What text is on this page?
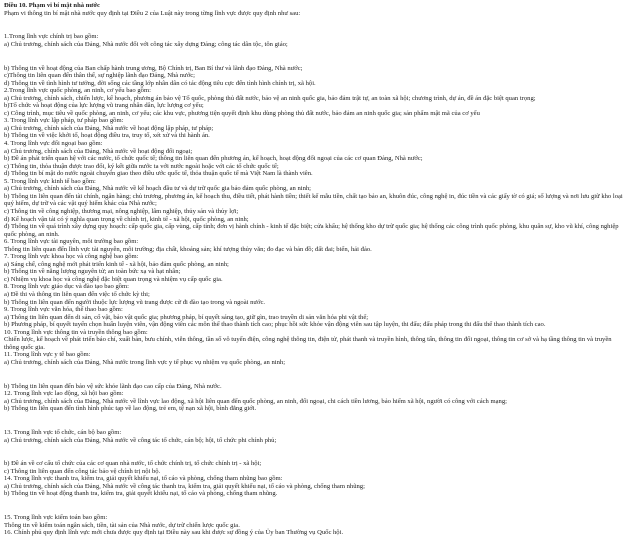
Điều 10. Phạm vi bí mật nhà nước

Phạm vi thông tin bí mật nhà nước quy định tại Điều 2 của Luật này trong từng lĩnh vực được quy định như sau:

1.Trong lĩnh vực chính trị bao gồm:

a) Chủ trương, chính sách của Đảng, Nhà nước đối với công tác xây dựng Đảng; công tác dân tộc, tôn giáo;

b) Thông tin về hoạt động của Ban chấp hành trung ương, Bộ Chính trị, Ban Bí thư và lãnh đạo Đảng, Nhà nước;

c)Thông tin liên quan đến thân thế, sự nghiệp lãnh đạo Đảng, Nhà nước;

d) Thông tin về tình hình tư tưởng, đời sống các tầng lớp nhân dân có tác động tiêu cực đến tình hình chính trị, xã hội.

2.Trong lĩnh vực quốc phòng, an ninh, cơ yếu bao gồm:

a) Chủ trương, chính sách, chiến lược, kế hoạch, phương án bảo vệ Tổ quốc, phòng thủ đất nước, bảo vệ an ninh quốc gia, bảo đảm trật tự, an toàn xã hội; chương trình, dự án, đề án đặc biệt quan trọng;

b)Tổ chức và hoạt động của lực lượng vũ trang nhân dân, lực lượng cơ yếu;

c) Công trình, mục tiêu về quốc phòng, an ninh, cơ yếu; các khu vực, phương tiện quyết định khu dùng phòng thủ đất nước, bảo đảm an ninh quốc gia; sản phẩm mật mã của cơ yếu

3. Trong lĩnh vực lập pháp, tư pháp bao gồm:

a) Chủ trương, chính sách của Đảng, Nhà nước về hoạt động lập pháp, tư pháp;

b) Thông tin về việc khởi tố, hoạt động điều tra, truy tố, xét xử và thi hành án.

4. Trong lĩnh vực đối ngoại bao gồm:

a) Chủ trương, chính sách của Đảng, Nhà nước về hoạt động đối ngoại;

b) Đề án phát triển quan hệ với các nước, tổ chức quốc tế; thông tin liên quan đến phương án, kế hoạch, hoạt động đối ngoại của các cơ quan Đảng, Nhà nước;

c) Thông tin, thỏa thuận được trao đổi, ký kết giữa nước ta với nước ngoài hoặc với các tổ chức quốc tế;

d) Thông tin bí mật do nước ngoài chuyển giao theo điều ước quốc tế, thỏa thuận quốc tế mà Việt Nam là thành viên.

5. Trong lĩnh vực kinh tế bao gồm:

a) Chủ trương, chính sách của Đảng, Nhà nước về kế hoạch đầu tư và dự trữ quốc gia bảo đảm quốc phòng, an ninh;

b) Thông tin liên quan đến tài chính, ngân hàng; chủ trương, phương án, kế hoạch thu, điều tiết, phát hành tiền; thiết kế mẫu tiền, chất tạo bảo an, khuôn đúc, công nghệ in, đúc tiền và các giấy tờ có giá; số lượng và nơi lưu giữ kho loại quý hiếm, dự trữ và các vật quý hiếm khác của Nhà nước;

c) Thông tin về công nghiệp, thương mại, nông nghiệp, lâm nghiệp, thủy sản và thủy lợi;

d) Kế hoạch vận tải có ý nghĩa quan trọng về chính trị, kinh tế - xã hội, quốc phòng, an ninh;

đ) Thông tin về quá trình xây dựng quy hoạch: cấp quốc gia, cấp vùng, cấp tỉnh; đơn vị hành chính - kinh tế đặc biệt; cửa khẩu; hệ thống kho dự trữ quốc gia; hệ thống các công trình quốc phòng, khu quân sự, kho vũ khí, công nghiệp quốc phòng, an ninh.

6. Trong lĩnh vực tài nguyên, môi trường bao gồm:

Thông tin liên quan đến lĩnh vực tài nguyên, môi trường; địa chất, khoáng sản; khí tượng thủy văn; đo đạc và bản đồ; đất đai; biển, hải đảo.

7. Trong lĩnh vực khoa học và công nghệ bao gồm:

a) Sáng chế, công nghệ mới phát triển kinh tế - xã hội, bảo đảm quốc phòng, an ninh;

b) Thông tin về năng lượng nguyên tử; an toàn bức xạ và hạt nhân;

c) Nhiệm vụ khoa học và công nghệ đặc biệt quan trọng và nhiệm vụ cấp quốc gia.

8. Trong lĩnh vực giáo dục và đào tạo bao gồm:

a) Đề thi và thông tin liên quan đến việc tổ chức kỳ thi;

b) Thông tin liên quan đến người thuộc lực lượng vũ trang được cử đi đào tạo trong và ngoài nước.

9. Trong lĩnh vực văn hóa, thể thao bao gồm:

a) Thông tin liên quan đến di sản, cổ vật, bảo vật quốc gia; phương pháp, bí quyết sáng tạo, giữ gìn, trao truyền di sản văn hóa phi vật thể;

b) Phương pháp, bí quyết tuyển chọn huấn luyện viên, vận động viên các môn thể thao thành tích cao; phục hồi sức khỏe vận động viên sau tập luyện, thi đấu; đấu pháp trong thi đấu thể thao thành tích cao.

10. Trong lĩnh vực thông tin và truyền thông bao gồm:

Chiến lược, kế hoạch về phát triển báo chí, xuất bản, bưu chính, viễn thông, tần số vô tuyến điện, công nghệ thông tin, điện tử, phát thanh và truyền hình, thông tấn, thông tin đối ngoại, thông tin cơ sở và hạ tầng thông tin và truyền thông quốc gia.

11. Trong lĩnh vực y tế bao gồm:

a) Chủ trương, chính sách của Đảng, Nhà nước trong lĩnh vực y tế phục vụ nhiệm vụ quốc phòng, an ninh;

b) Thông tin liên quan đến bảo vệ sức khỏe lãnh đạo cao cấp của Đảng, Nhà nước.

12. Trong lĩnh vực lao động, xã hội bao gồm:

a) Chủ trương, chính sách của Đảng, Nhà nước về lĩnh vực lao động, xã hội liên quan đến quốc phòng, an ninh, đối ngoại, chi cách tiền lương, bảo hiểm xã hội, người có công với cách mạng;

b) Thông tin liên quan đến tình hình phúc tạp về lao động, trẻ em, tệ nạn xã hội, bình đẳng giới.

13. Trong lĩnh vực tổ chức, cán bộ bao gồm:

a) Chủ trương, chính sách của Đảng, Nhà nước về công tác tổ chức, cán bộ; hội, tổ chức phi chính phủ;

b) Đề án về cơ cấu tổ chức của các cơ quan nhà nước, tổ chức chính trị, tổ chức chính trị - xã hội;

c) Thông tin liên quan đến công tác bảo vệ chính trị nội bộ.

14. Trong lĩnh vực thanh tra, kiểm tra, giải quyết khiếu nại, tố cáo và phòng, chống tham nhũng bao gồm:

a) Chủ trương, chính sách của Đảng, Nhà nước về công tác thanh tra, kiểm tra, giải quyết khiếu nại, tố cáo và phòng, chống tham nhũng;

b) Thông tin về hoạt động thanh tra, kiểm tra, giải quyết khiếu nại, tố cáo và phòng, chống tham nhũng.

15. Trong lĩnh vực kiểm toán bao gồm:

Thông tin về kiểm toán ngân sách, tiền, tài sản của Nhà nước, dự trữ chiến lược quốc gia.

16. Chính phủ quy định lĩnh vực mới chưa được quy định tại Điều này sau khi được sự đồng ý của Ủy ban Thường vụ Quốc hội.
